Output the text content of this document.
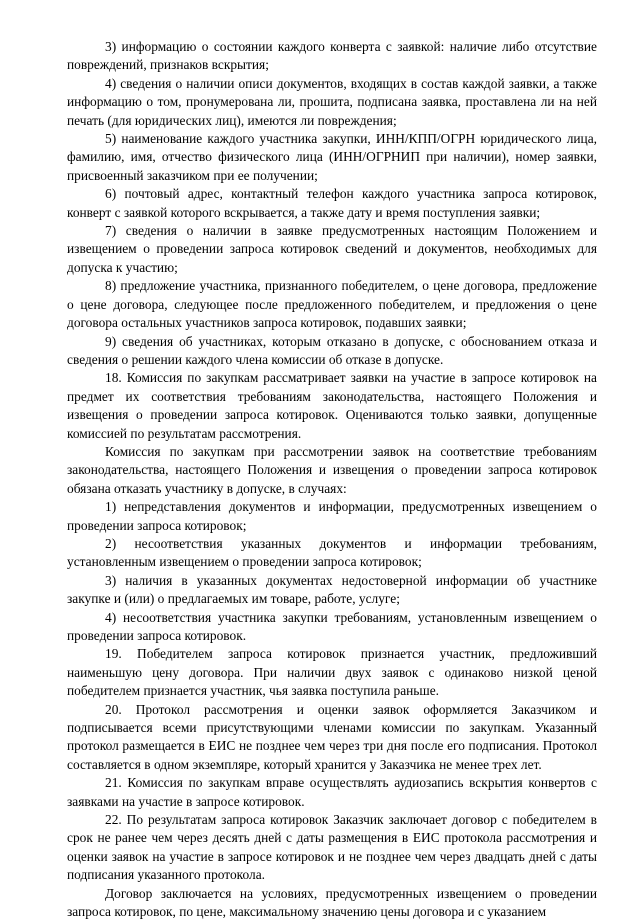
3) информацию о состоянии каждого конверта с заявкой: наличие либо отсутствие повреждений, признаков вскрытия;

4) сведения о наличии описи документов, входящих в состав каждой заявки, а также информацию о том, пронумерована ли, прошита, подписана заявка, проставлена ли на ней печать (для юридических лиц), имеются ли повреждения;

5) наименование каждого участника закупки, ИНН/КПП/ОГРН юридического лица, фамилию, имя, отчество физического лица (ИНН/ОГРНИП при наличии), номер заявки, присвоенный заказчиком при ее получении;

6) почтовый адрес, контактный телефон каждого участника запроса котировок, конверт с заявкой которого вскрывается, а также дату и время поступления заявки;

7) сведения о наличии в заявке предусмотренных настоящим Положением и извещением о проведении запроса котировок сведений и документов, необходимых для допуска к участию;

8) предложение участника, признанного победителем, о цене договора, предложение о цене договора, следующее после предложенного победителем, и предложения о цене договора остальных участников запроса котировок, подавших заявки;

9) сведения об участниках, которым отказано в допуске, с обоснованием отказа и сведения о решении каждого члена комиссии об отказе в допуске.

18. Комиссия по закупкам рассматривает заявки на участие в запросе котировок на предмет их соответствия требованиям законодательства, настоящего Положения и извещения о проведении запроса котировок. Оцениваются только заявки, допущенные комиссией по результатам рассмотрения.

Комиссия по закупкам при рассмотрении заявок на соответствие требованиям законодательства, настоящего Положения и извещения о проведении запроса котировок обязана отказать участнику в допуске, в случаях:

1) непредставления документов и информации, предусмотренных извещением о проведении запроса котировок;

2) несоответствия указанных документов и информации требованиям, установленным извещением о проведении запроса котировок;

3) наличия в указанных документах недостоверной информации об участнике закупке и (или) о предлагаемых им товаре, работе, услуге;

4) несоответствия участника закупки требованиям, установленным извещением о проведении запроса котировок.

19. Победителем запроса котировок признается участник, предложивший наименьшую цену договора. При наличии двух заявок с одинаково низкой ценой победителем признается участник, чья заявка поступила раньше.

20. Протокол рассмотрения и оценки заявок оформляется Заказчиком и подписывается всеми присутствующими членами комиссии по закупкам. Указанный протокол размещается в ЕИС не позднее чем через три дня после его подписания. Протокол составляется в одном экземпляре, который хранится у Заказчика не менее трех лет.

21. Комиссия по закупкам вправе осуществлять аудиозапись вскрытия конвертов с заявками на участие в запросе котировок.

22. По результатам запроса котировок Заказчик заключает договор с победителем в срок не ранее чем через десять дней с даты размещения в ЕИС протокола рассмотрения и оценки заявок на участие в запросе котировок и не позднее чем через двадцать дней с даты подписания указанного протокола.

Договор заключается на условиях, предусмотренных извещением о проведении запроса котировок, по цене, максимальному значению цены договора и с указанием
